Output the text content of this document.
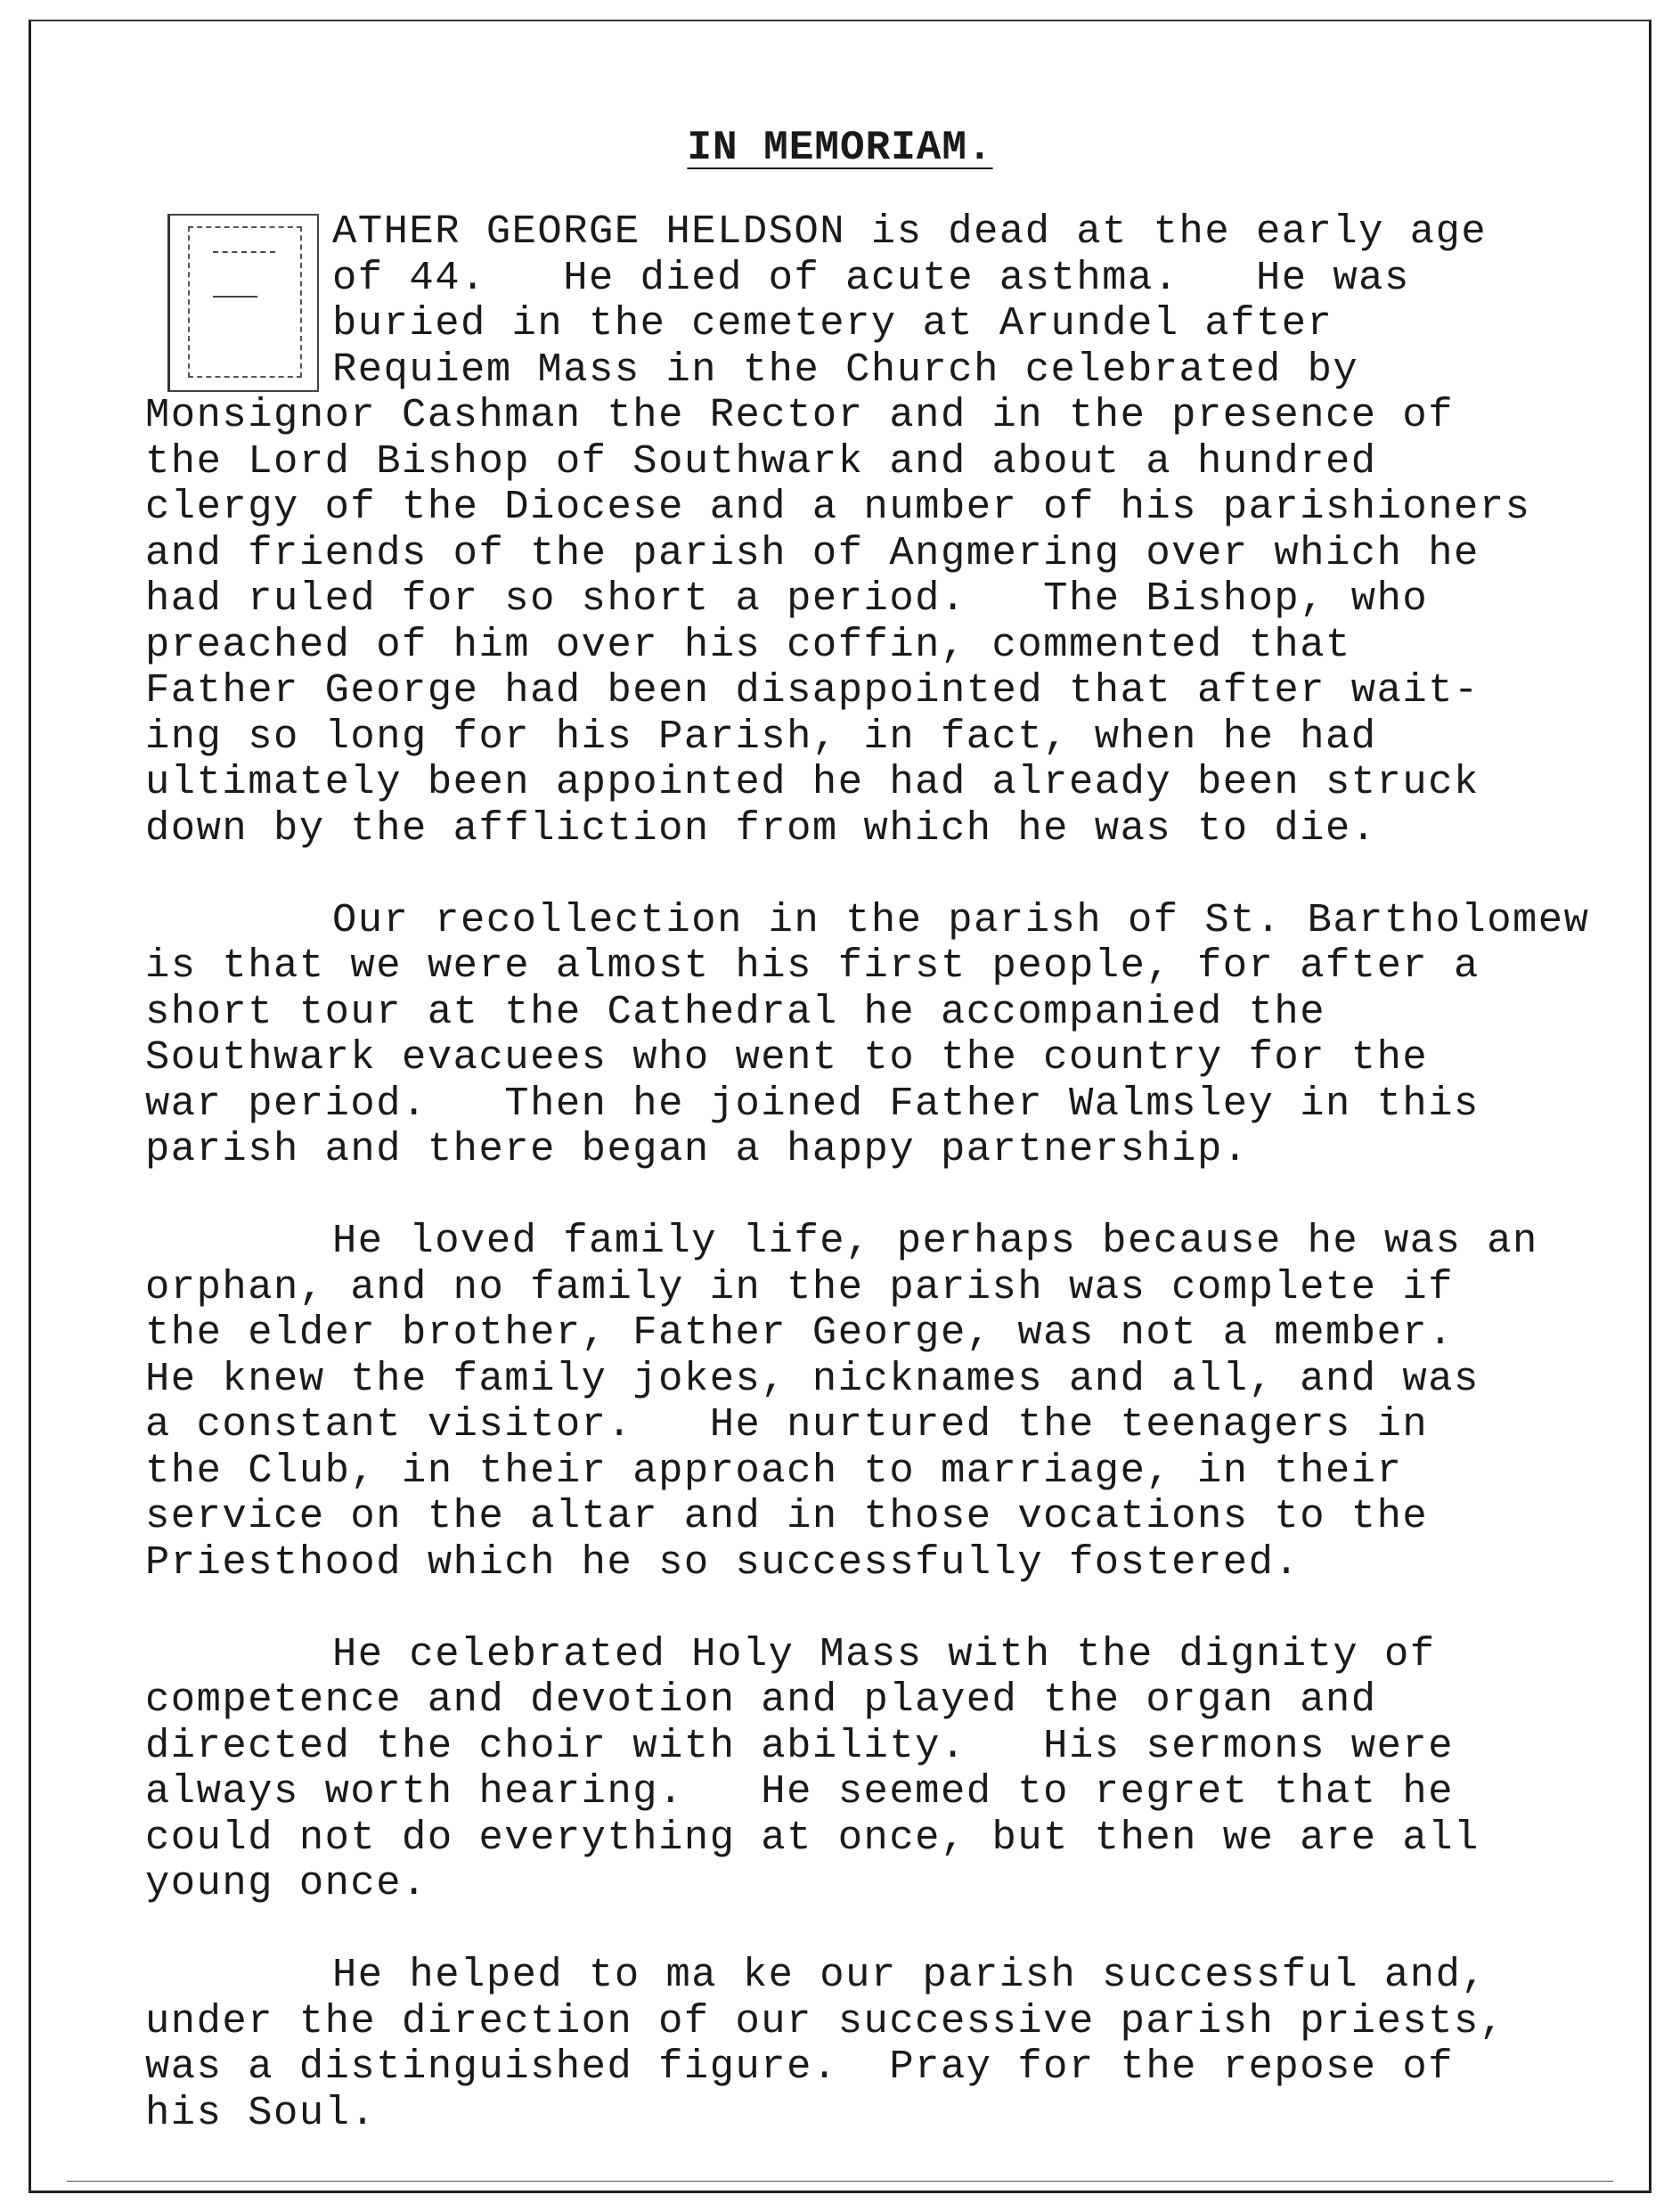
IN MEMORIAM.
ATHER GEORGE HELDSON is dead at the early age
of 44.   He died of acute asthma.   He was
buried in the cemetery at Arundel after
Requiem Mass in the Church celebrated by
Monsignor Cashman the Rector and in the presence of
the Lord Bishop of Southwark and about a hundred
clergy of the Diocese and a number of his parishioners
and friends of the parish of Angmering over which he
had ruled for so short a period.   The Bishop, who
preached of him over his coffin, commented that
Father George had been disappointed that after wait-
ing so long for his Parish, in fact, when he had
ultimately been appointed he had already been struck
down by the affliction from which he was to die.
Our recollection in the parish of St. Bartholomew
is that we were almost his first people, for after a
short tour at the Cathedral he accompanied the
Southwark evacuees who went to the country for the
war period.   Then he joined Father Walmsley in this
parish and there began a happy partnership.
He loved family life, perhaps because he was an
orphan, and no family in the parish was complete if
the elder brother, Father George, was not a member.
He knew the family jokes, nicknames and all, and was
a constant visitor.   He nurtured the teenagers in
the Club, in their approach to marriage, in their
service on the altar and in those vocations to the
Priesthood which he so successfully fostered.
He celebrated Holy Mass with the dignity of
competence and devotion and played the organ and
directed the choir with ability.   His sermons were
always worth hearing.   He seemed to regret that he
could not do everything at once, but then we are all
young once.
He helped to ma ke our parish successful and,
under the direction of our successive parish priests,
was a distinguished figure.  Pray for the repose of
his Soul.
